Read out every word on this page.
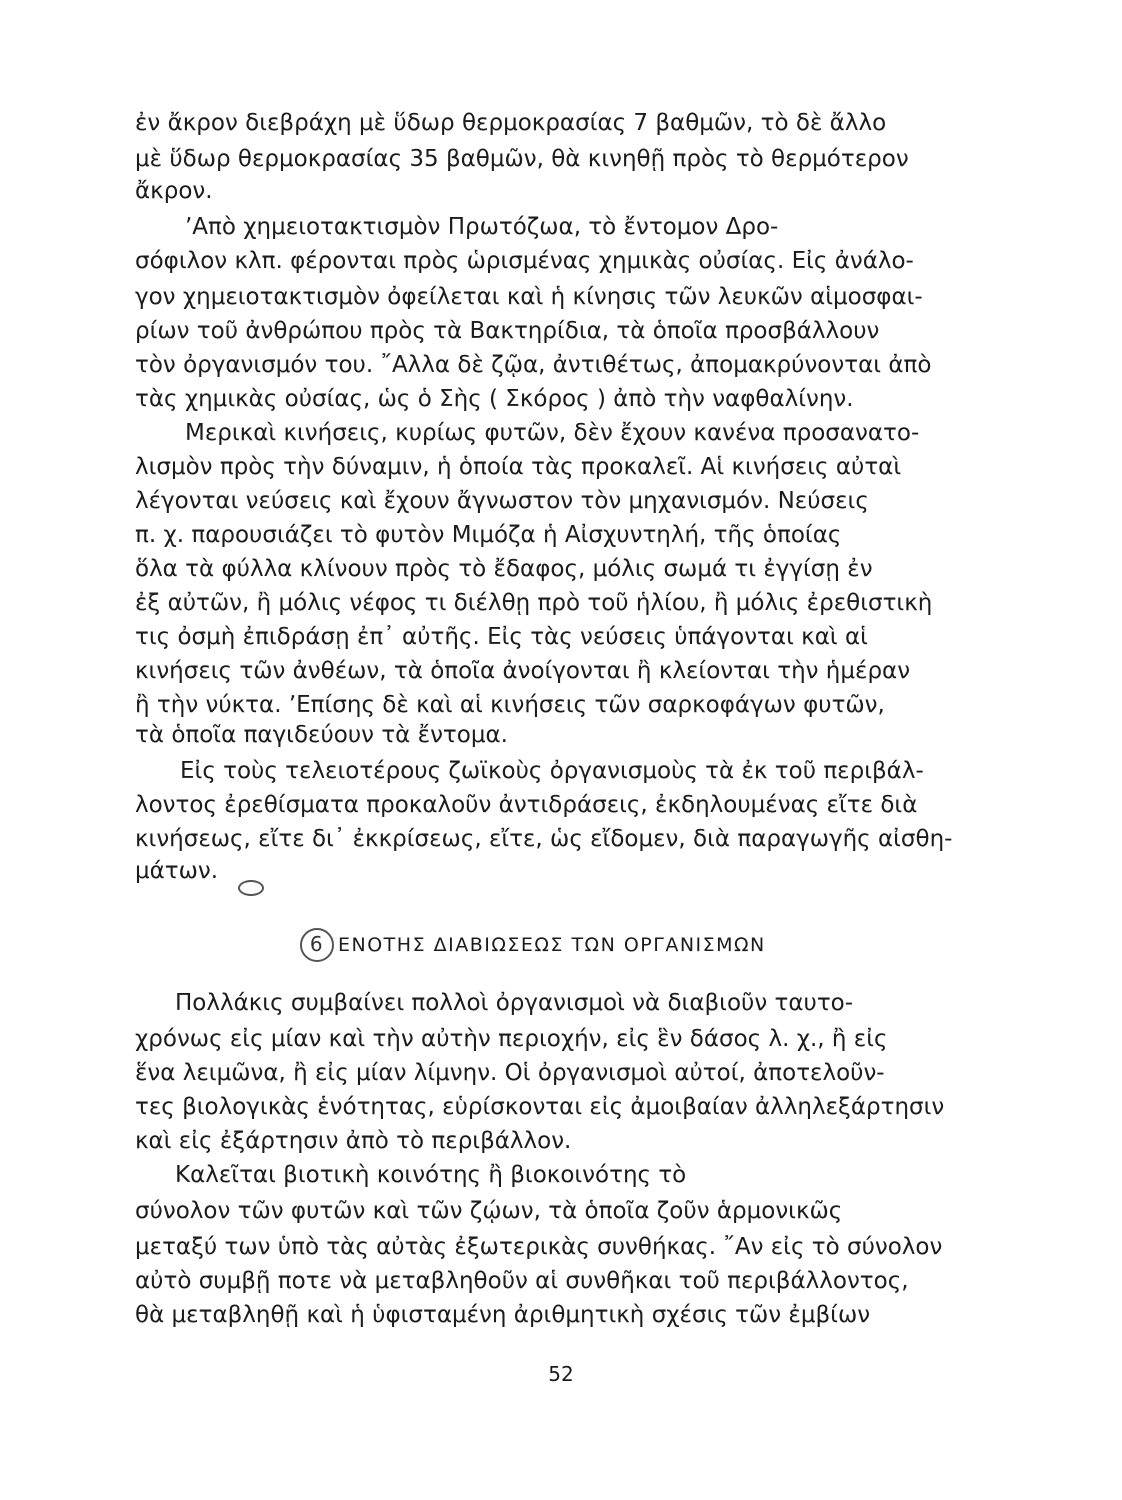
ἐν ἄκρον διεβράχη μὲ ὕδωρ θερμοκρασίας 7 βαθμῶν, τὸ δὲ ἄλλο
μὲ ὕδωρ θερμοκρασίας 35 βαθμῶν, θὰ κινηθῇ πρὸς τὸ θερμότερον
ἄκρον.
ʼΑπὸ χημειοτακτισμὸν Πρωτόζωα, τὸ ἔντομον Δρο-
σόφιλον κλπ. φέρονται πρὸς ὡρισμένας χημικὰς οὐσίας. Εἰς ἀνάλο-
γον χημειοτακτισμὸν ὀφείλεται καὶ ἡ κίνησις τῶν λευκῶν αἱμοσφαι-
ρίων τοῦ ἀνθρώπου πρὸς τὰ Βακτηρίδια, τὰ ὁποῖα προσβάλλουν
τὸν ὀργανισμόν του. ῎Αλλα δὲ ζῷα, ἀντιθέτως, ἀπομακρύνονται ἀπὸ
τὰς χημικὰς οὐσίας, ὡς ὁ Σὴς ( Σκόρος ) ἀπὸ τὴν ναφθαλίνην.
Μερικαὶ κινήσεις, κυρίως φυτῶν, δὲν ἔχουν κανένα προσανατο-
λισμὸν πρὸς τὴν δύναμιν, ἡ ὁποία τὰς προκαλεῖ. Αἱ κινήσεις αὐταὶ
λέγονται νεύσεις καὶ ἔχουν ἄγνωστον τὸν μηχανισμόν. Νεύσεις
π. χ. παρουσιάζει τὸ φυτὸν Μιμόζα ἡ Αἰσχυντηλή, τῆς ὁποίας
ὅλα τὰ φύλλα κλίνουν πρὸς τὸ ἔδαφος, μόλις σωμά τι ἐγγίσῃ ἐν
ἐξ αὐτῶν, ἢ μόλις νέφος τι διέλθῃ πρὸ τοῦ ἡλίου, ἢ μόλις ἐρεθιστικὴ
τις ὀσμὴ ἐπιδράσῃ ἐπ᾿ αὐτῆς. Εἰς τὰς νεύσεις ὑπάγονται καὶ αἱ
κινήσεις τῶν ἀνθέων, τὰ ὁποῖα ἀνοίγονται ἢ κλείονται τὴν ἡμέραν
ἢ τὴν νύκτα. ʼΕπίσης δὲ καὶ αἱ κινήσεις τῶν σαρκοφάγων φυτῶν,
τὰ ὁποῖα παγιδεύουν τὰ ἔντομα.
Εἰς τοὺς τελειοτέρους ζωϊκοὺς ὀργανισμοὺς τὰ ἐκ τοῦ περιβάλ-
λοντος ἐρεθίσματα προκαλοῦν ἀντιδράσεις, ἐκδηλουμένας εἴτε διὰ
κινήσεως, εἴτε δι᾿ ἐκκρίσεως, εἴτε, ὡς εἴδομεν, διὰ παραγωγῆς αἰσθη-
μάτων.
6 ΕΝΟΤΗΣ ΔΙΑΒΙΩΣΕΩΣ ΤΩΝ ΟΡΓΑΝΙΣΜΩΝ
Πολλάκις συμβαίνει πολλοὶ ὀργανισμοὶ νὰ διαβιοῦν ταυτο-
χρόνως εἰς μίαν καὶ τὴν αὐτὴν περιοχήν, εἰς ἓν δάσος λ. χ., ἢ εἰς
ἕνα λειμῶνα, ἢ εἰς μίαν λίμνην. Οἱ ὀργανισμοὶ αὐτοί, ἀποτελοῦν-
τες βιολογικὰς ἑνότητας, εὑρίσκονται εἰς ἀμοιβαίαν ἀλληλεξάρτησιν
καὶ εἰς ἐξάρτησιν ἀπὸ τὸ περιβάλλον.
Καλεῖται βιοτικὴ κοινότης ἢ βιοκοινότης τὸ
σύνολον τῶν φυτῶν καὶ τῶν ζῴων, τὰ ὁποῖα ζοῦν ἁρμονικῶς
μεταξύ των ὑπὸ τὰς αὐτὰς ἐξωτερικὰς συνθήκας. ῎Αν εἰς τὸ σύνολον
αὐτὸ συμβῇ ποτε νὰ μεταβληθοῦν αἱ συνθῆκαι τοῦ περιβάλλοντος,
θὰ μεταβληθῇ καὶ ἡ ὑφισταμένη ἀριθμητικὴ σχέσις τῶν ἐμβίων
52
